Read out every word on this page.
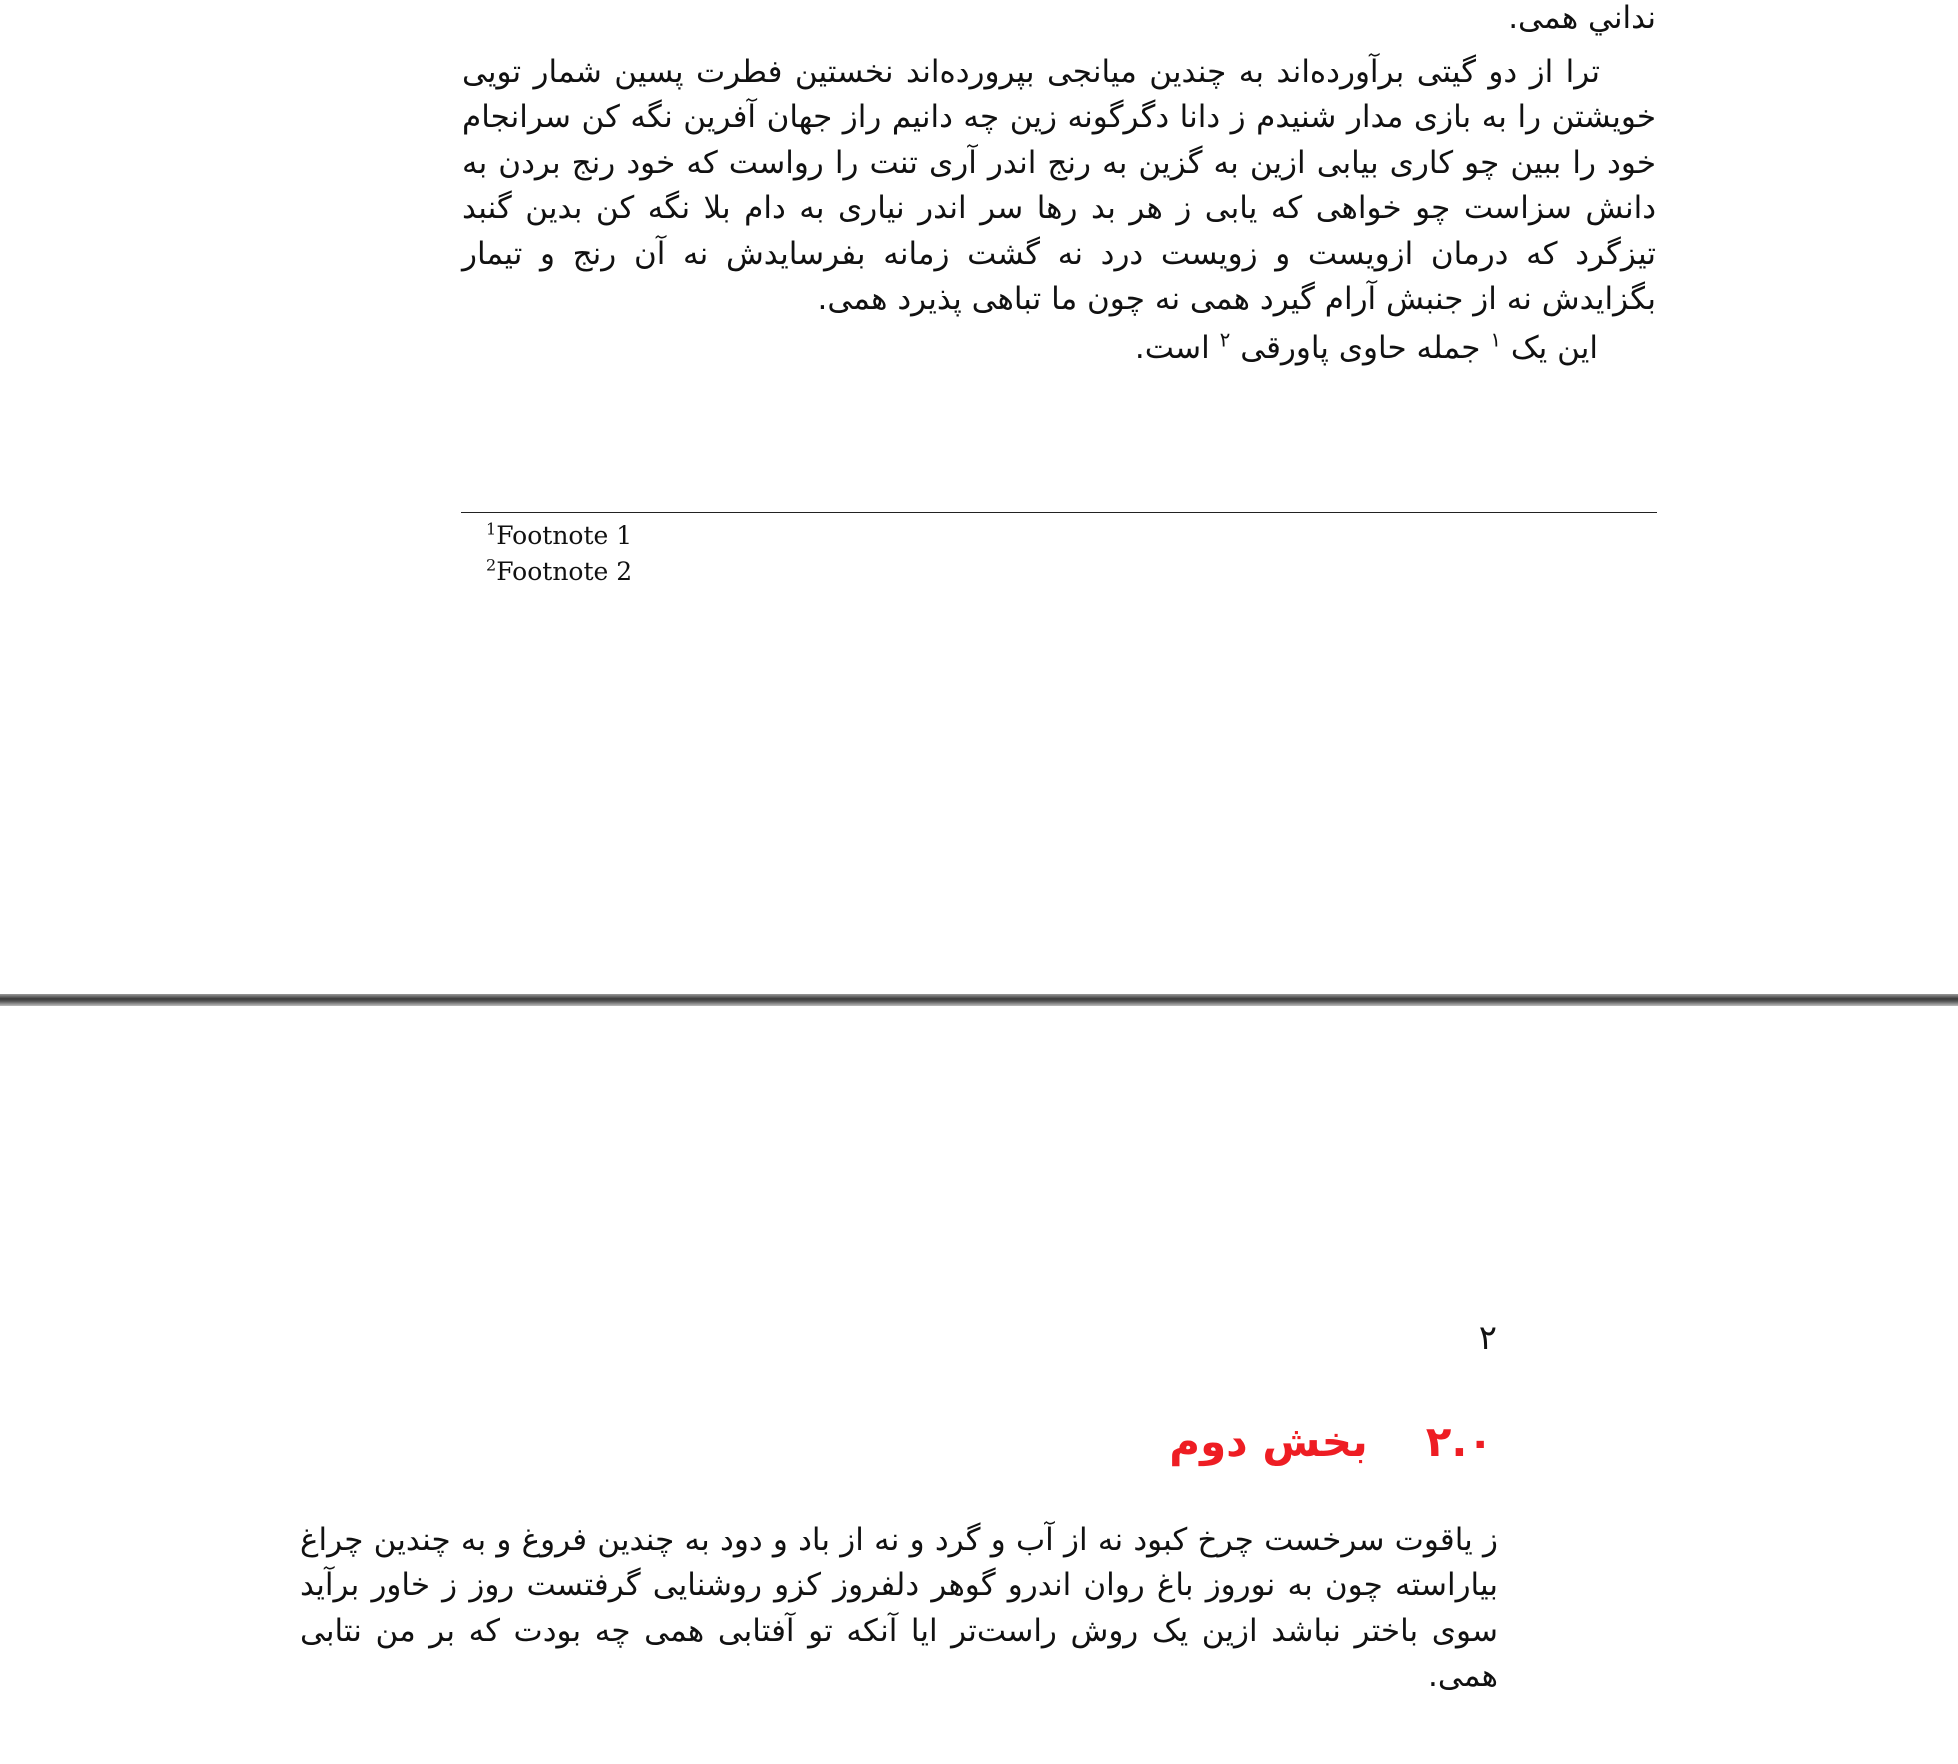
نداني همی.

ترا از دو گیتی برآورده‌اند به چندین میانجی بپرورده‌اند نخستین فطرت پسین شمار تویی خویشتن را به بازی مدار شنیدم ز دانا دگرگونه زین چه دانیم راز جهان آفرین نگه کن سرانجام خود را ببین چو کاری بیابی ازین به گزین به رنج اندر آری تنت را رواست که خود رنج بردن به دانش سزاست چو خواهی که یابی ز هر بد رها سر اندر نیاری به دام بلا نگه کن بدین گنبد تیزگرد که درمان ازویست و زویست درد نه گشت زمانه بفرسایدش نه آن رنج و تیمار بگزایدش نه از جنبش آرام گیرد همی نه چون ما تباهی پذیرد همی.

این یک $^۱$ جمله حاوی پاورقی $^۲$ است.

$^1$Footnote 1
$^2$Footnote 2
۲
۲.۰بخش دوم

ز یاقوت سرخست چرخ کبود نه از آب و گرد و نه از باد و دود به چندین فروغ و به چندین چراغ بیاراسته چون به نوروز باغ روان اندرو گوهر دلفروز کزو روشنایی گرفتست روز ز خاور برآید سوی باختر نباشد ازین یک روش راست‌تر ایا آنکه تو آفتابی همی چه بودت که بر من نتابی همی.
